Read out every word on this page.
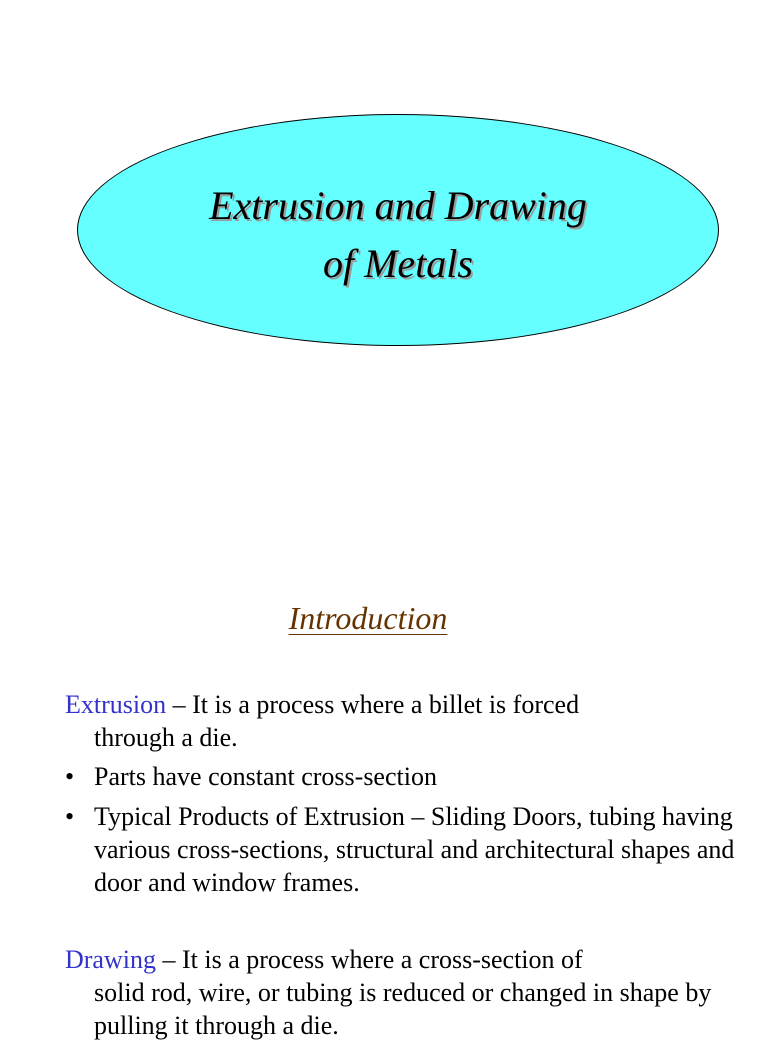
Extrusion and Drawing
of Metals
Introduction
Extrusion – It is a process where a billet is forced
through a die.
• Parts have constant cross-section
• Typical Products of Extrusion – Sliding Doors, tubing having various cross-sections, structural and architectural shapes and door and window frames.
Drawing – It is a process where a cross-section of
solid rod, wire, or tubing is reduced or changed in shape by pulling it through a die.
